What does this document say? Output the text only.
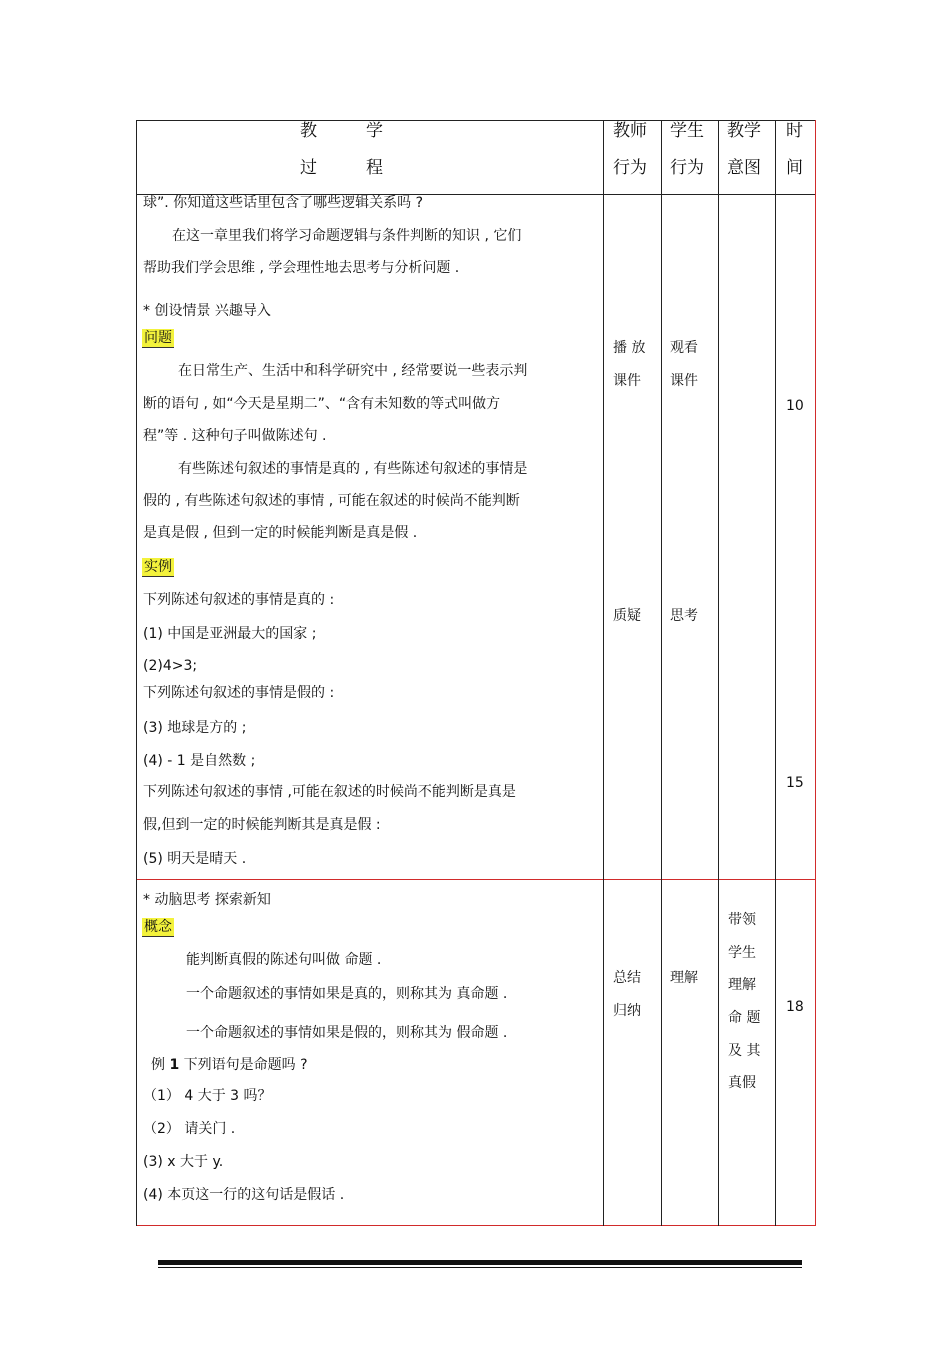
教	学
过	程
教师
行为
学生
行为
教学
意图
时
间
球”. 你知道这些话里包含了哪些逻辑关系吗 ?
在这一章里我们将学习命题逻辑与条件判断的知识 , 它们
帮助我们学会思维 , 学会理性地去思考与分析问题 .
* 创设情景 兴趣导入
问题
在日常生产、生活中和科学研究中 , 经常要说一些表示判
断的语句 , 如“今天是星期二”、“含有未知数的等式叫做方
程”等 . 这种句子叫做陈述句 .
有些陈述句叙述的事情是真的 , 有些陈述句叙述的事情是
假的 , 有些陈述句叙述的事情 , 可能在叙述的时候尚不能判断
是真是假 , 但到一定的时候能判断是真是假 .
实例
下列陈述句叙述的事情是真的 :
(1) 中国是亚洲最大的国家 ;
(2)4>3;
下列陈述句叙述的事情是假的 :
(3) 地球是方的 ;
(4) - 1 是自然数 ;
下列陈述句叙述的事情 ,可能在叙述的时候尚不能判断是真是
假,但到一定的时候能判断其是真是假 :
(5) 明天是晴天 .
播 放
课件
观看
课件
质疑 思考
10
15
* 动脑思考 探索新知
概念
能判断真假的陈述句叫做 命题 .
一个命题叙述的事情如果是真的，则称其为 真命题 .
一个命题叙述的事情如果是假的，则称其为 假命题 .
例 1 下列语句是命题吗 ?
（1） 4 大于 3 吗？
（2） 请关门 .
(3) x 大于 y.
(4) 本页这一行的这句话是假话 .
总结
归纳
理解
带领
学生
理解
命 题
及 其
真假
18
